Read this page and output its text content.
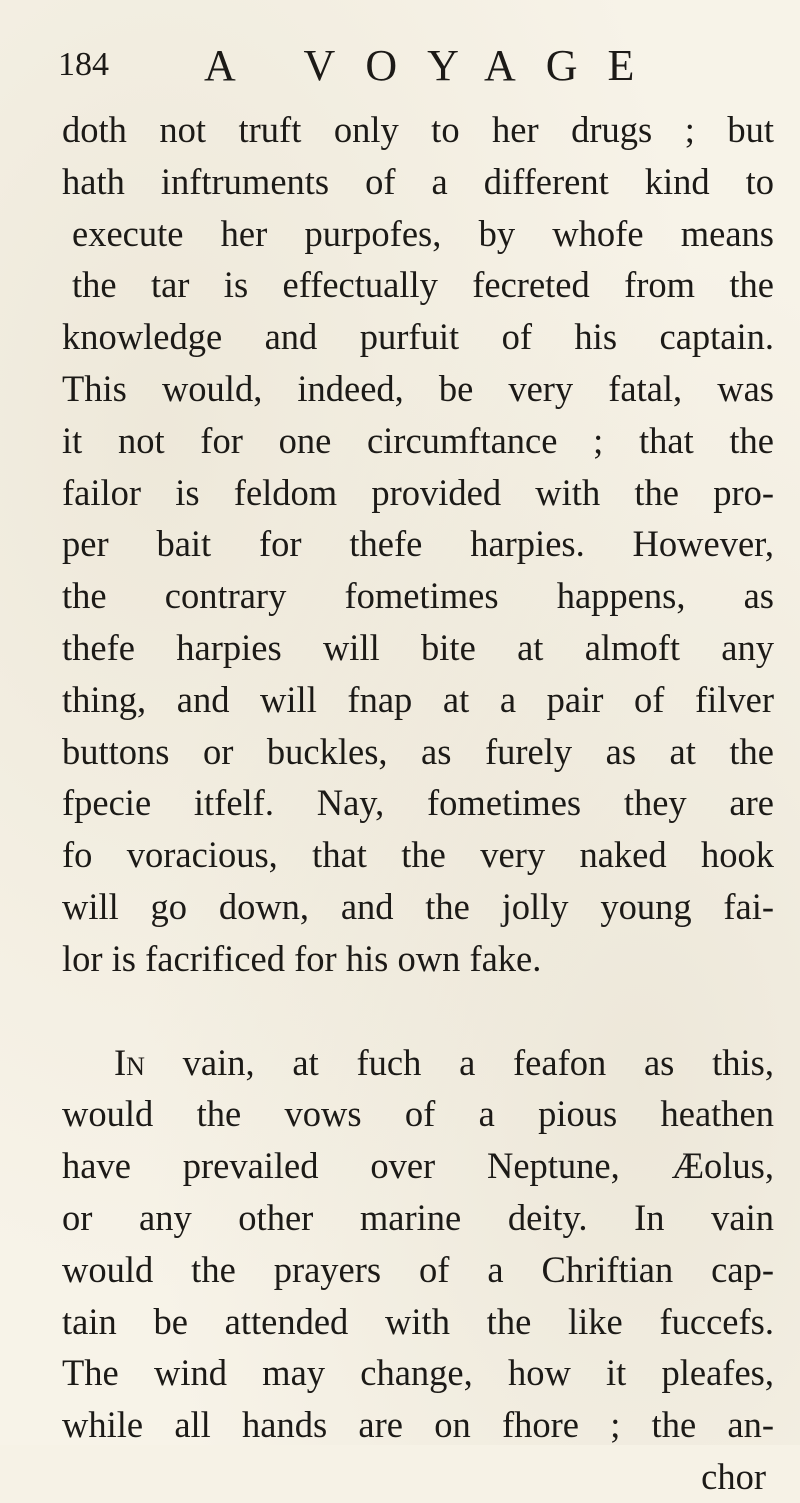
184 A VOYAGE
doth not truft only to her drugs ; but
hath inftruments of a different kind to
execute her purpofes, by whofe means
the tar is effectually fecreted from the
knowledge and purfuit of his captain.
This would, indeed, be very fatal, was
it not for one circumftance ; that the
failor is feldom provided with the pro-
per bait for thefe harpies. However,
the contrary fometimes happens, as
thefe harpies will bite at almoft any
thing, and will fnap at a pair of filver
buttons or buckles, as furely as at the
fpecie itfelf. Nay, fometimes they are
fo voracious, that the very naked hook
will go down, and the jolly young fai-
lor is facrificed for his own fake.
In vain, at fuch a feafon as this,
would the vows of a pious heathen
have prevailed over Neptune, Æolus,
or any other marine deity. In vain
would the prayers of a Chriftian cap-
tain be attended with the like fuccefs.
The wind may change, how it pleafes,
while all hands are on fhore ; the an-
chor
